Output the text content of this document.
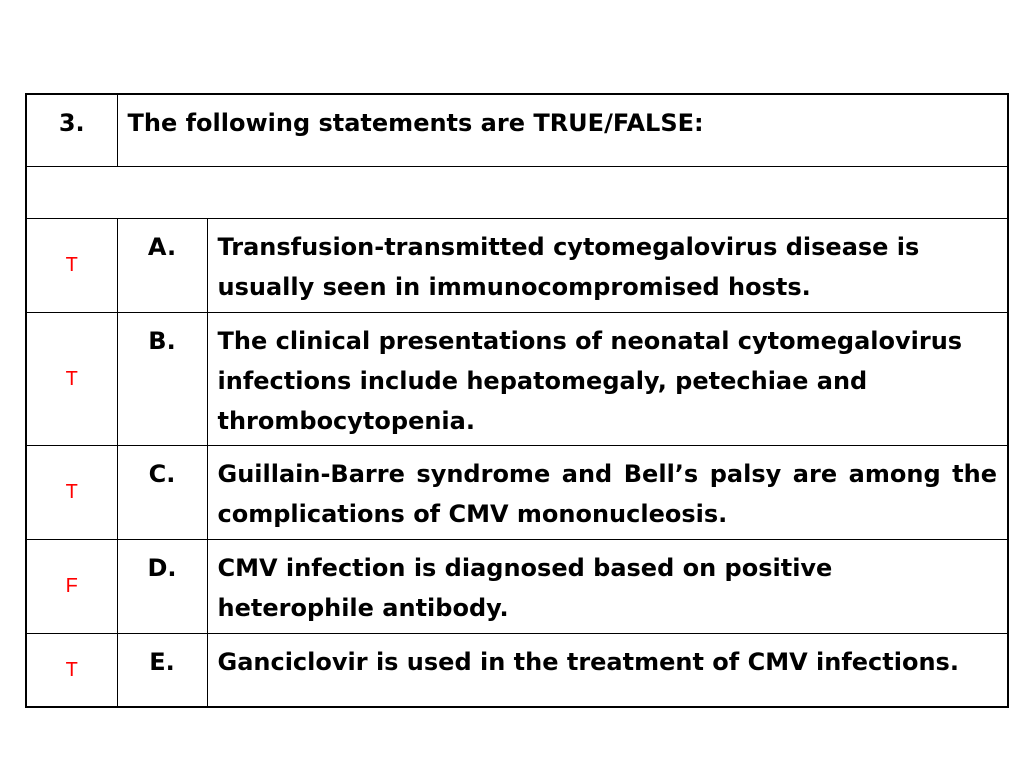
3.	The following statements are TRUE/FALSE:	

T	A.	Transfusion-transmitted cytomegalovirus disease is usually seen in immunocompromised hosts.
T	B.	The clinical presentations of neonatal cytomegalovirus infections include hepatomegaly, petechiae and thrombocytopenia.
T	C.	Guillain-Barre syndrome and Bell’s palsy are among the complications of CMV mononucleosis.
F	D.	CMV infection is diagnosed based on positive heterophile antibody.
T	E.	Ganciclovir is used in the treatment of CMV infections.
